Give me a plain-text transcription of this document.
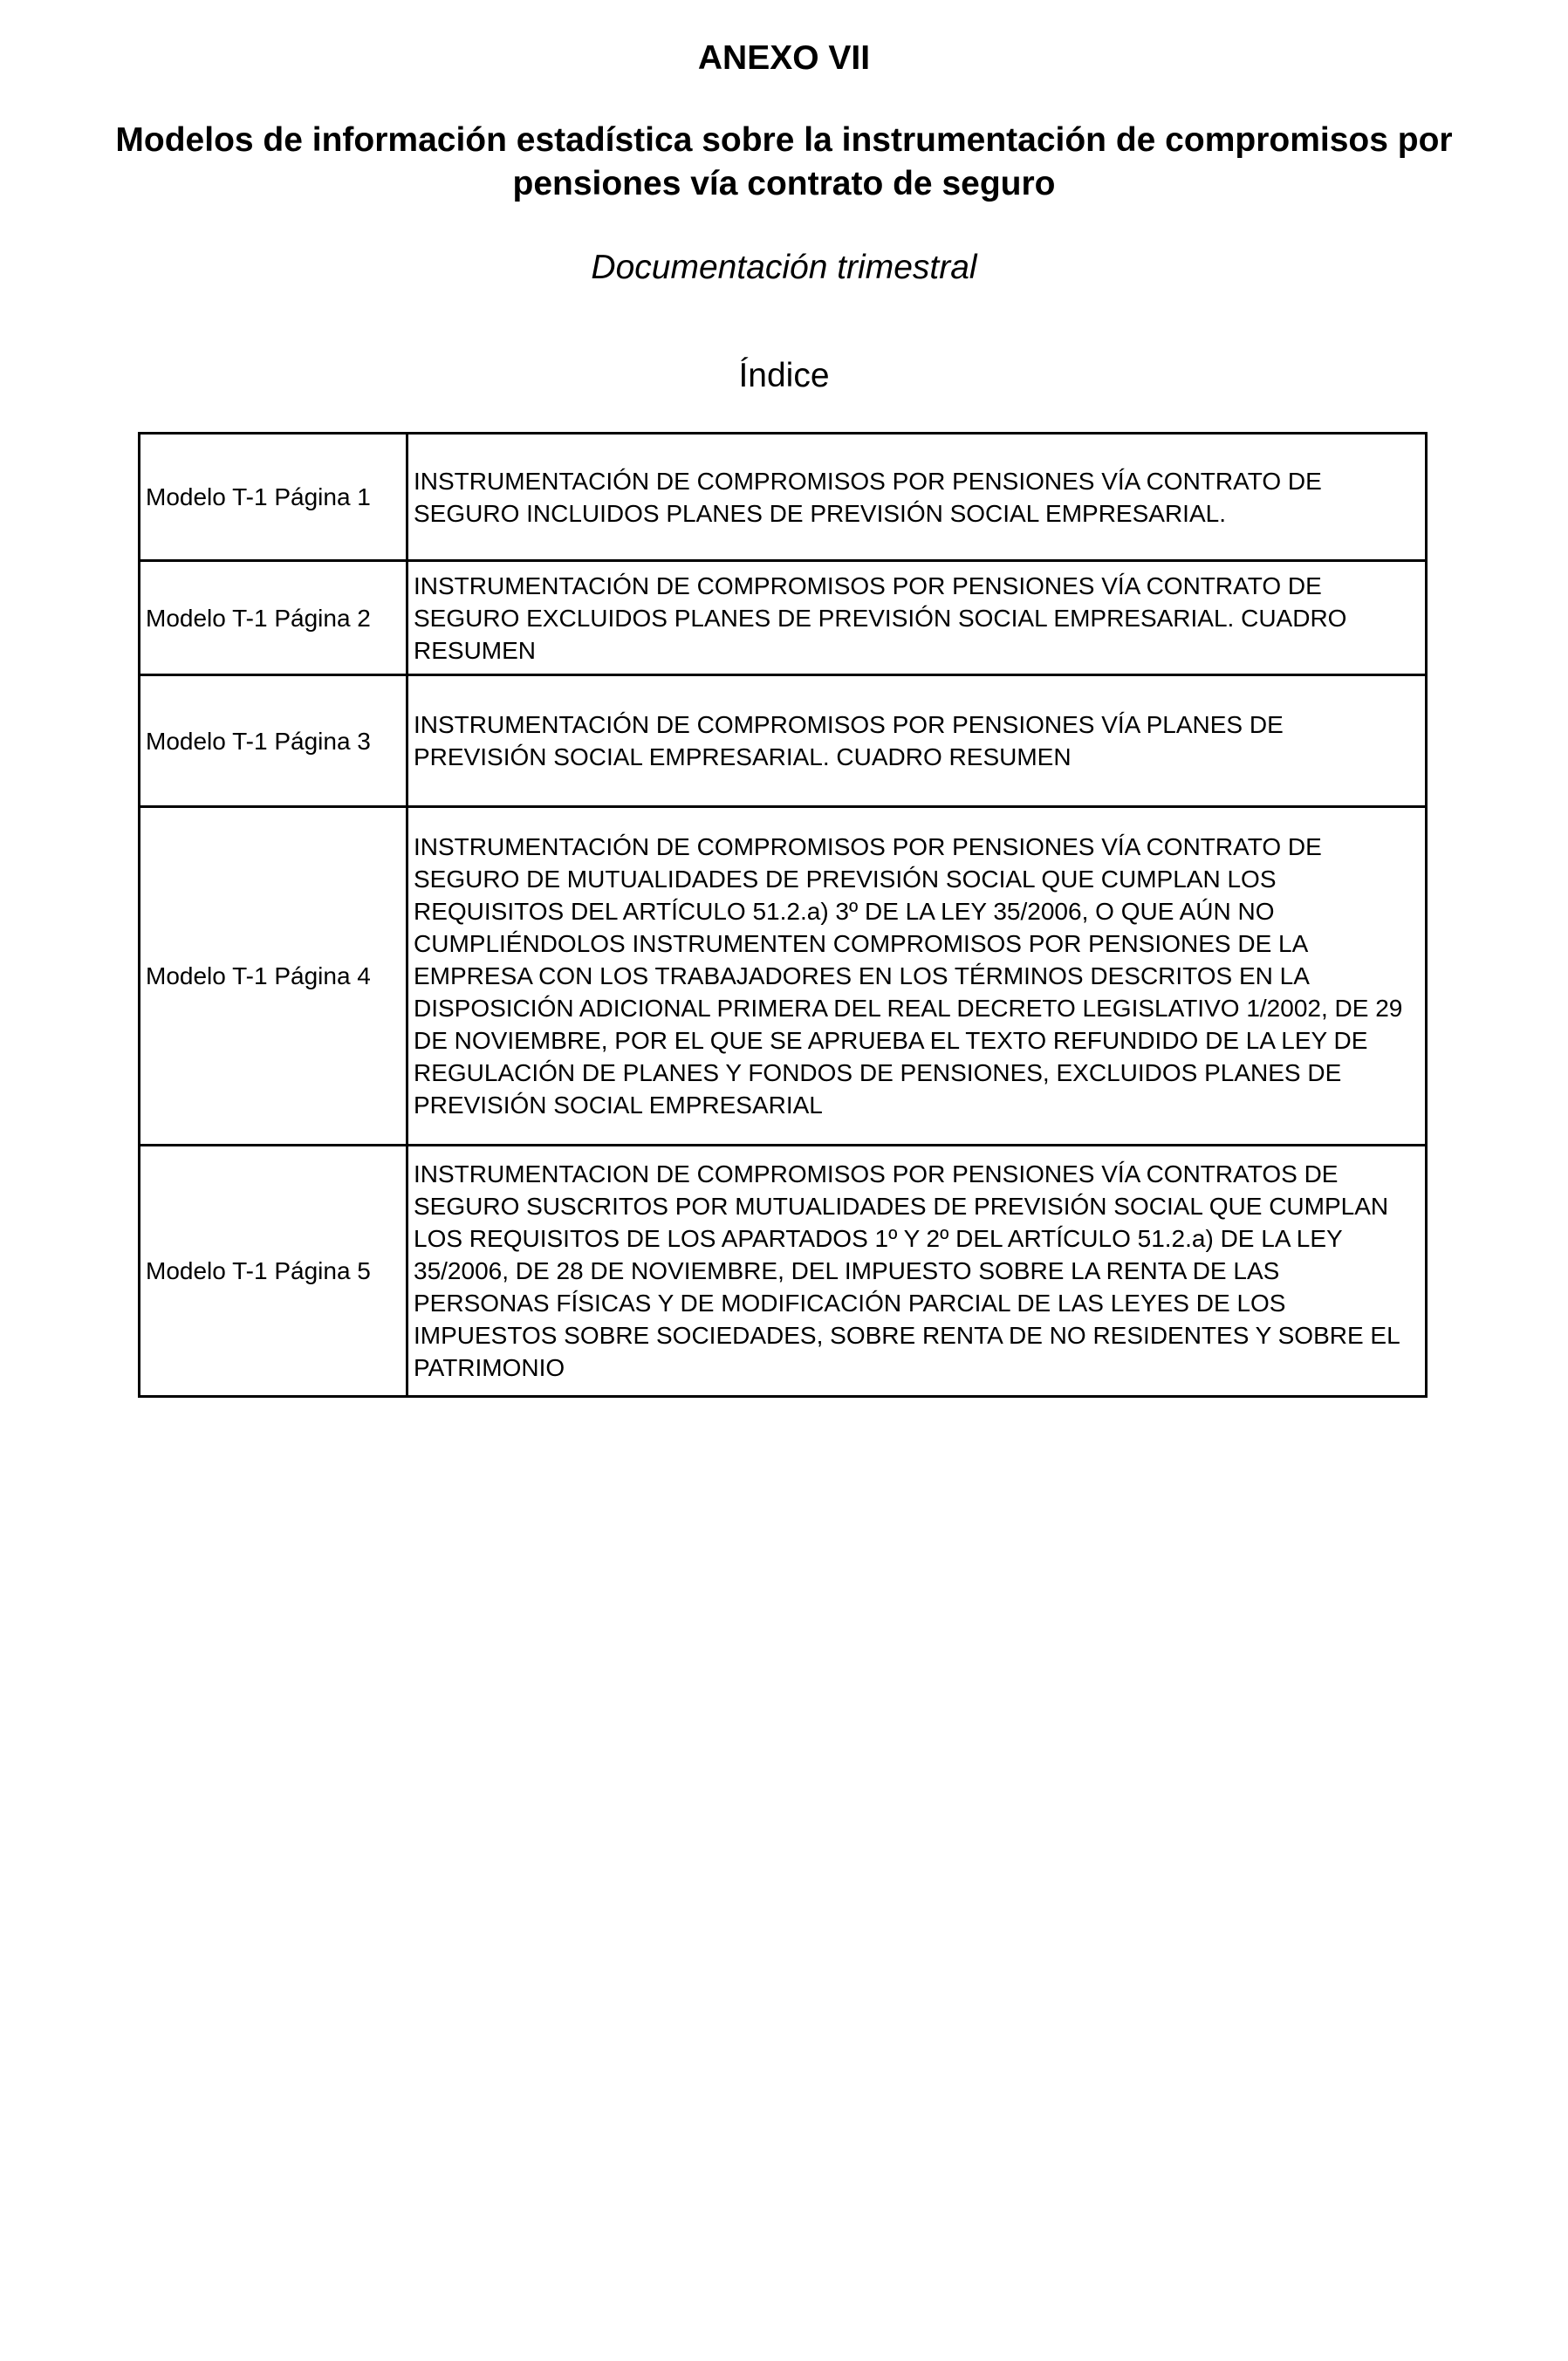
ANEXO VII
Modelos de información estadística sobre la instrumentación de compromisos por pensiones vía contrato de seguro
Documentación trimestral
Índice
Modelo T-1 Página 1	INSTRUMENTACIÓN DE COMPROMISOS POR PENSIONES VÍA CONTRATO DE SEGURO INCLUIDOS PLANES DE PREVISIÓN SOCIAL EMPRESARIAL.
Modelo T-1 Página 2	INSTRUMENTACIÓN DE COMPROMISOS POR PENSIONES VÍA CONTRATO DE SEGURO EXCLUIDOS PLANES DE PREVISIÓN SOCIAL EMPRESARIAL. CUADRO RESUMEN
Modelo T-1 Página 3	INSTRUMENTACIÓN DE COMPROMISOS POR PENSIONES VÍA PLANES DE PREVISIÓN SOCIAL EMPRESARIAL. CUADRO RESUMEN
Modelo T-1 Página 4	INSTRUMENTACIÓN DE COMPROMISOS POR PENSIONES VÍA CONTRATO DE SEGURO DE MUTUALIDADES DE PREVISIÓN SOCIAL QUE CUMPLAN LOS REQUISITOS DEL ARTÍCULO 51.2.a) 3º DE LA LEY 35/2006, O QUE AÚN NO CUMPLIÉNDOLOS INSTRUMENTEN COMPROMISOS POR PENSIONES DE LA EMPRESA CON LOS TRABAJADORES EN LOS TÉRMINOS DESCRITOS EN LA DISPOSICIÓN ADICIONAL PRIMERA DEL REAL DECRETO LEGISLATIVO 1/2002, DE 29 DE NOVIEMBRE, POR EL QUE SE APRUEBA EL TEXTO REFUNDIDO DE LA LEY DE REGULACIÓN DE PLANES Y FONDOS DE PENSIONES, EXCLUIDOS PLANES DE PREVISIÓN SOCIAL EMPRESARIAL
Modelo T-1 Página 5	INSTRUMENTACION DE COMPROMISOS POR PENSIONES VÍA CONTRATOS DE SEGURO SUSCRITOS POR MUTUALIDADES DE PREVISIÓN SOCIAL QUE CUMPLAN LOS REQUISITOS DE LOS APARTADOS 1º Y 2º DEL ARTÍCULO 51.2.a) DE LA LEY 35/2006, DE 28 DE NOVIEMBRE, DEL IMPUESTO SOBRE LA RENTA DE LAS PERSONAS FÍSICAS Y DE MODIFICACIÓN PARCIAL DE LAS LEYES DE LOS IMPUESTOS SOBRE SOCIEDADES, SOBRE RENTA DE NO RESIDENTES Y SOBRE EL PATRIMONIO
